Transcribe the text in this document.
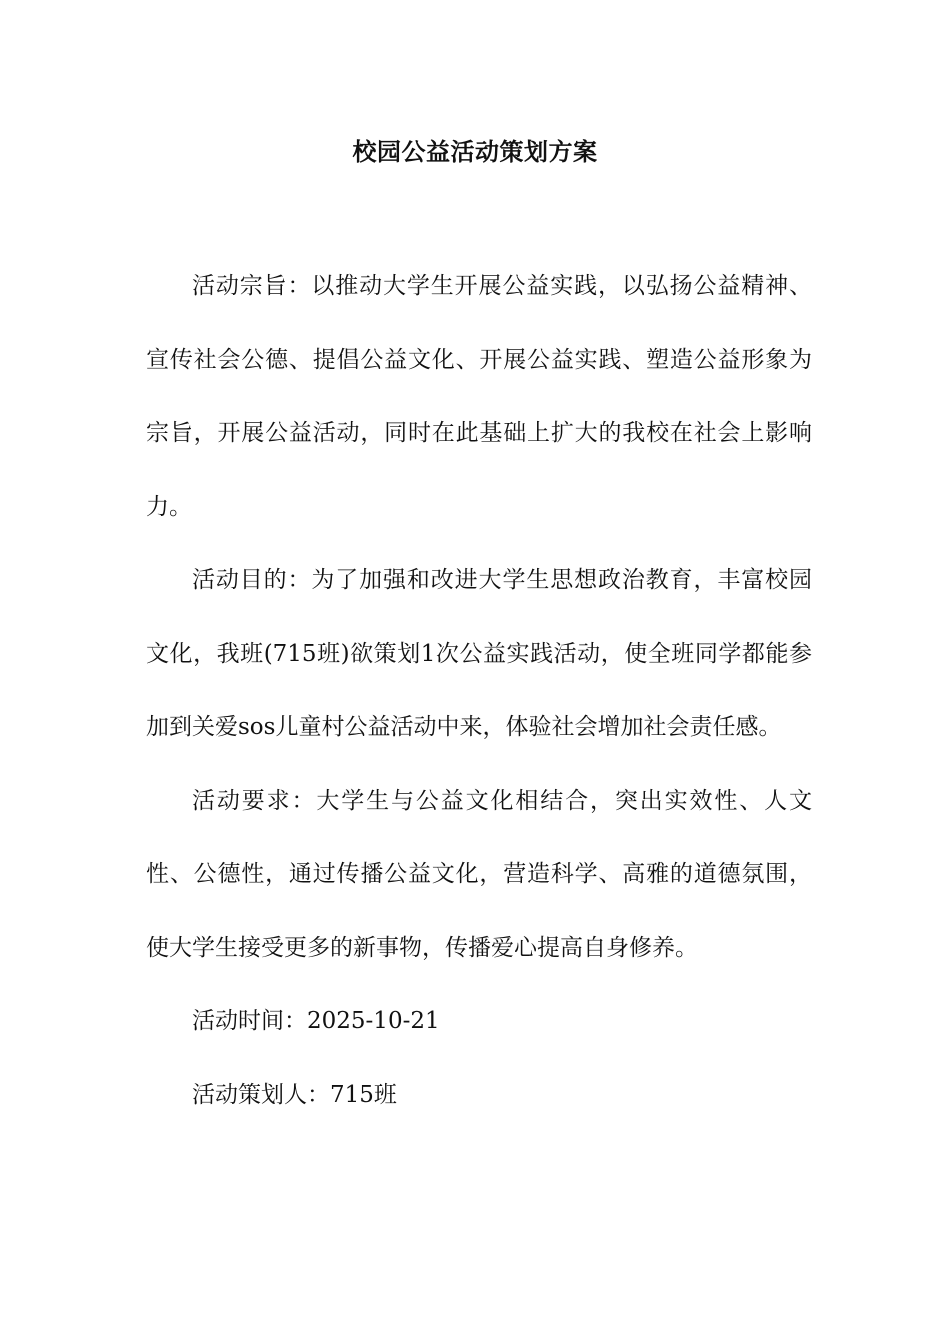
校园公益活动策划方案

活动宗旨：以推动大学生开展公益实践，以弘扬公益精神、宣传社会公德、提倡公益文化、开展公益实践、塑造公益形象为宗旨，开展公益活动，同时在此基础上扩大的我校在社会上影响力。

活动目的：为了加强和改进大学生思想政治教育，丰富校园文化，我班(715班)欲策划1次公益实践活动，使全班同学都能参加到关爱sos儿童村公益活动中来，体验社会增加社会责任感。

活动要求：大学生与公益文化相结合，突出实效性、人文性、公德性，通过传播公益文化，营造科学、高雅的道德氛围，使大学生接受更多的新事物，传播爱心提高自身修养。

活动时间：2025-10-21

活动策划人：715班
